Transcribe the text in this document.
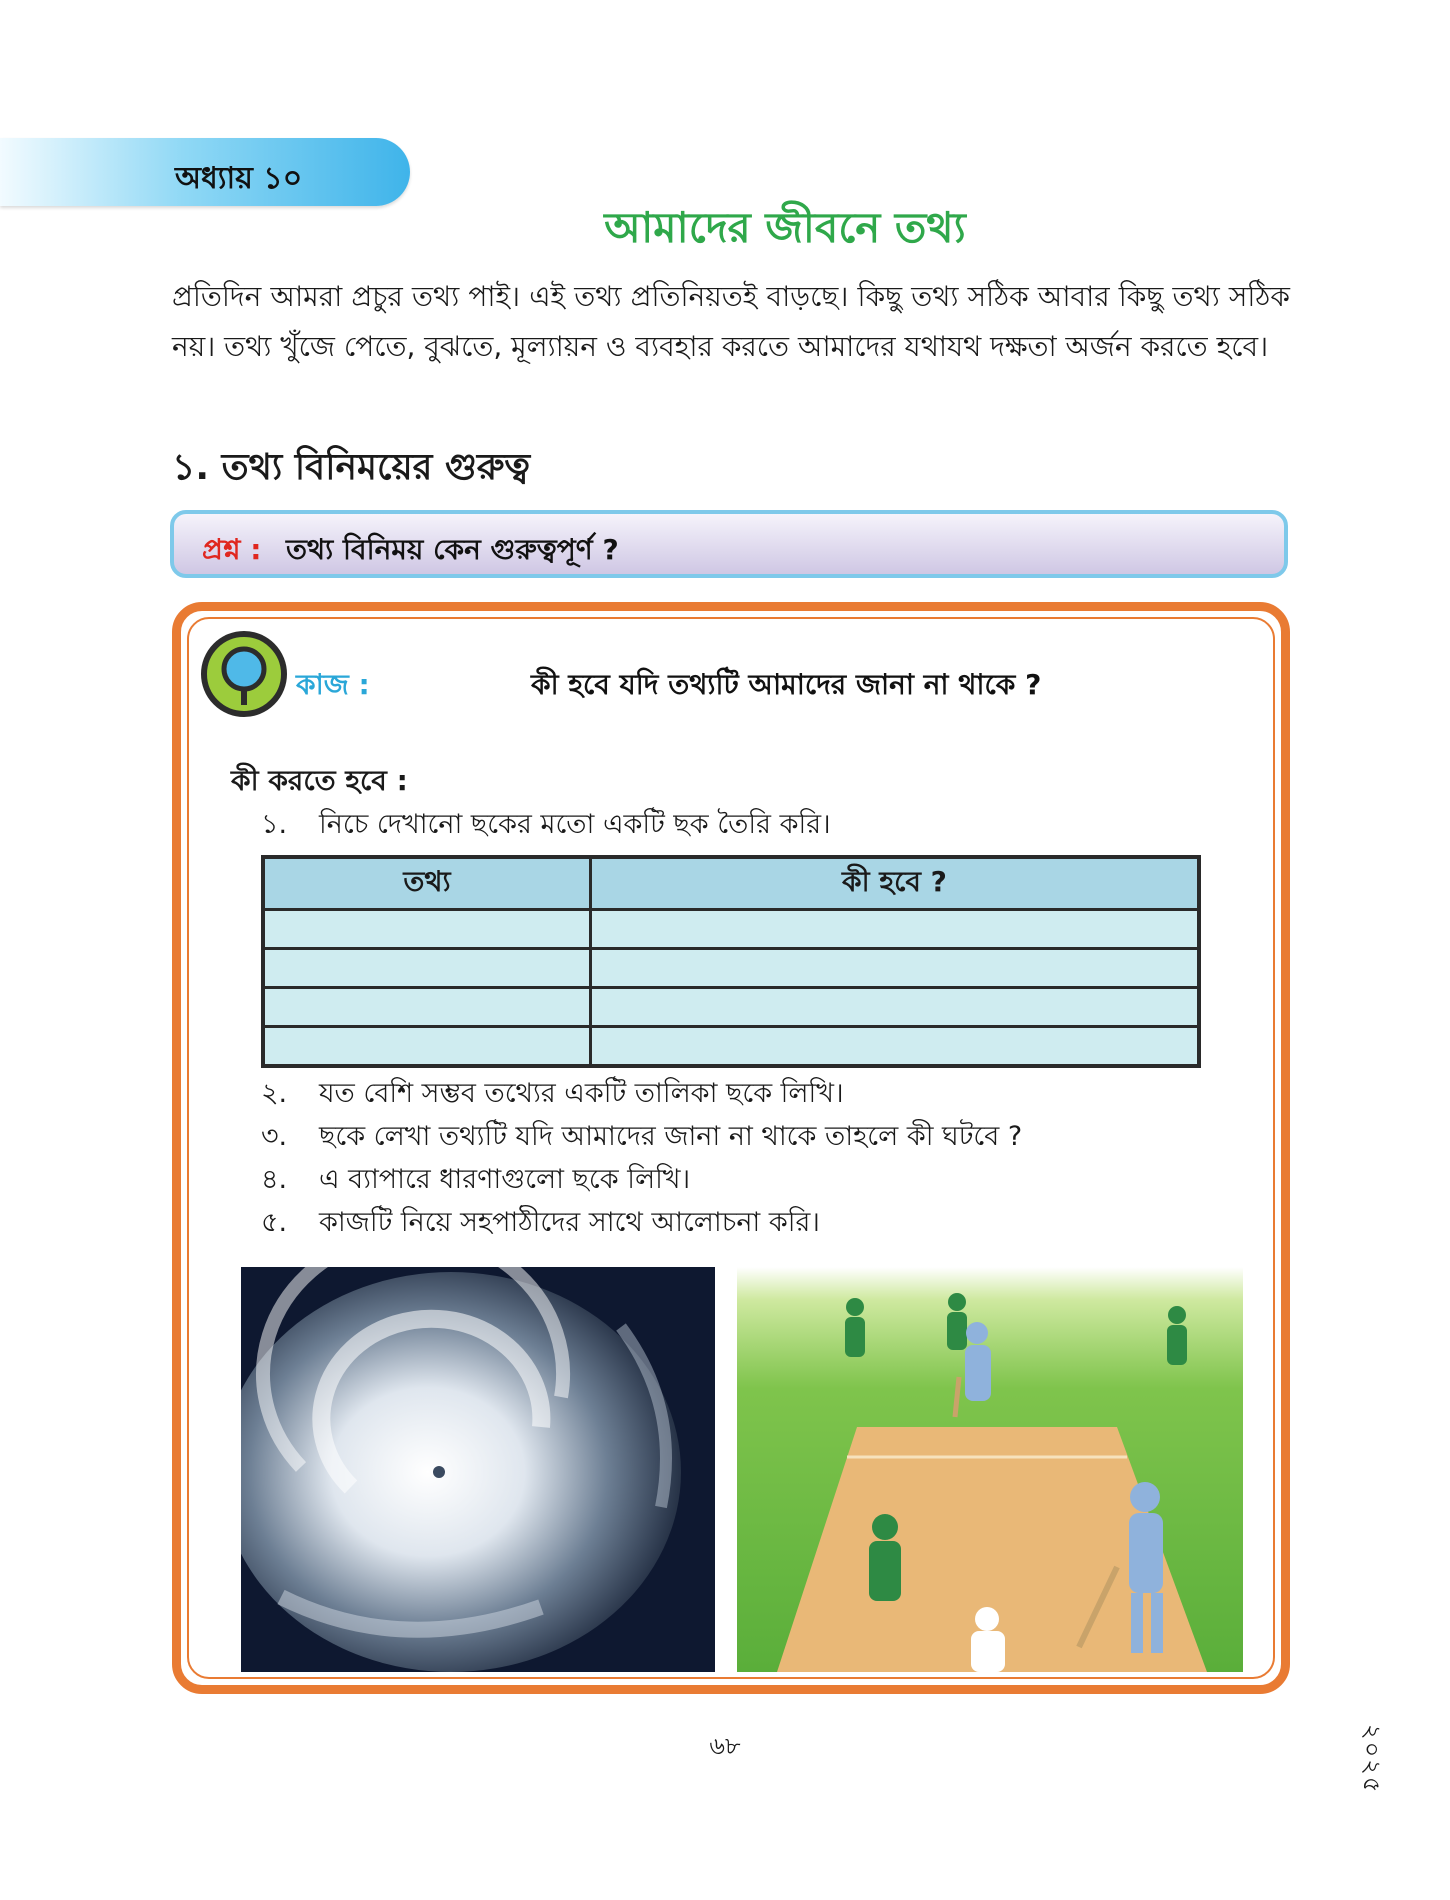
অধ্যায় ১০
আমাদের জীবনে তথ্য
প্রতিদিন আমরা প্রচুর তথ্য পাই। এই তথ্য প্রতিনিয়তই বাড়ছে। কিছু তথ্য সঠিক আবার কিছু তথ্য সঠিক নয়। তথ্য খুঁজে পেতে, বুঝতে, মূল্যায়ন ও ব্যবহার করতে আমাদের যথাযথ দক্ষতা অর্জন করতে হবে।
১. তথ্য বিনিময়ের গুরুত্ব
প্রশ্ন : তথ্য বিনিময় কেন গুরুত্বপূর্ণ ?
কাজ :	কী হবে যদি তথ্যটি আমাদের জানা না থাকে ?
কী করতে হবে :
১. নিচে দেখানো ছকের মতো একটি ছক তৈরি করি।
তথ্য	কী হবে ?

২. যত বেশি সম্ভব তথ্যের একটি তালিকা ছকে লিখি।
৩. ছকে লেখা তথ্যটি যদি আমাদের জানা না থাকে তাহলে কী ঘটবে ?
৪. এ ব্যাপারে ধারণাগুলো ছকে লিখি।
৫. কাজটি নিয়ে সহপাঠীদের সাথে আলোচনা করি।
৬৮	২০২৫
